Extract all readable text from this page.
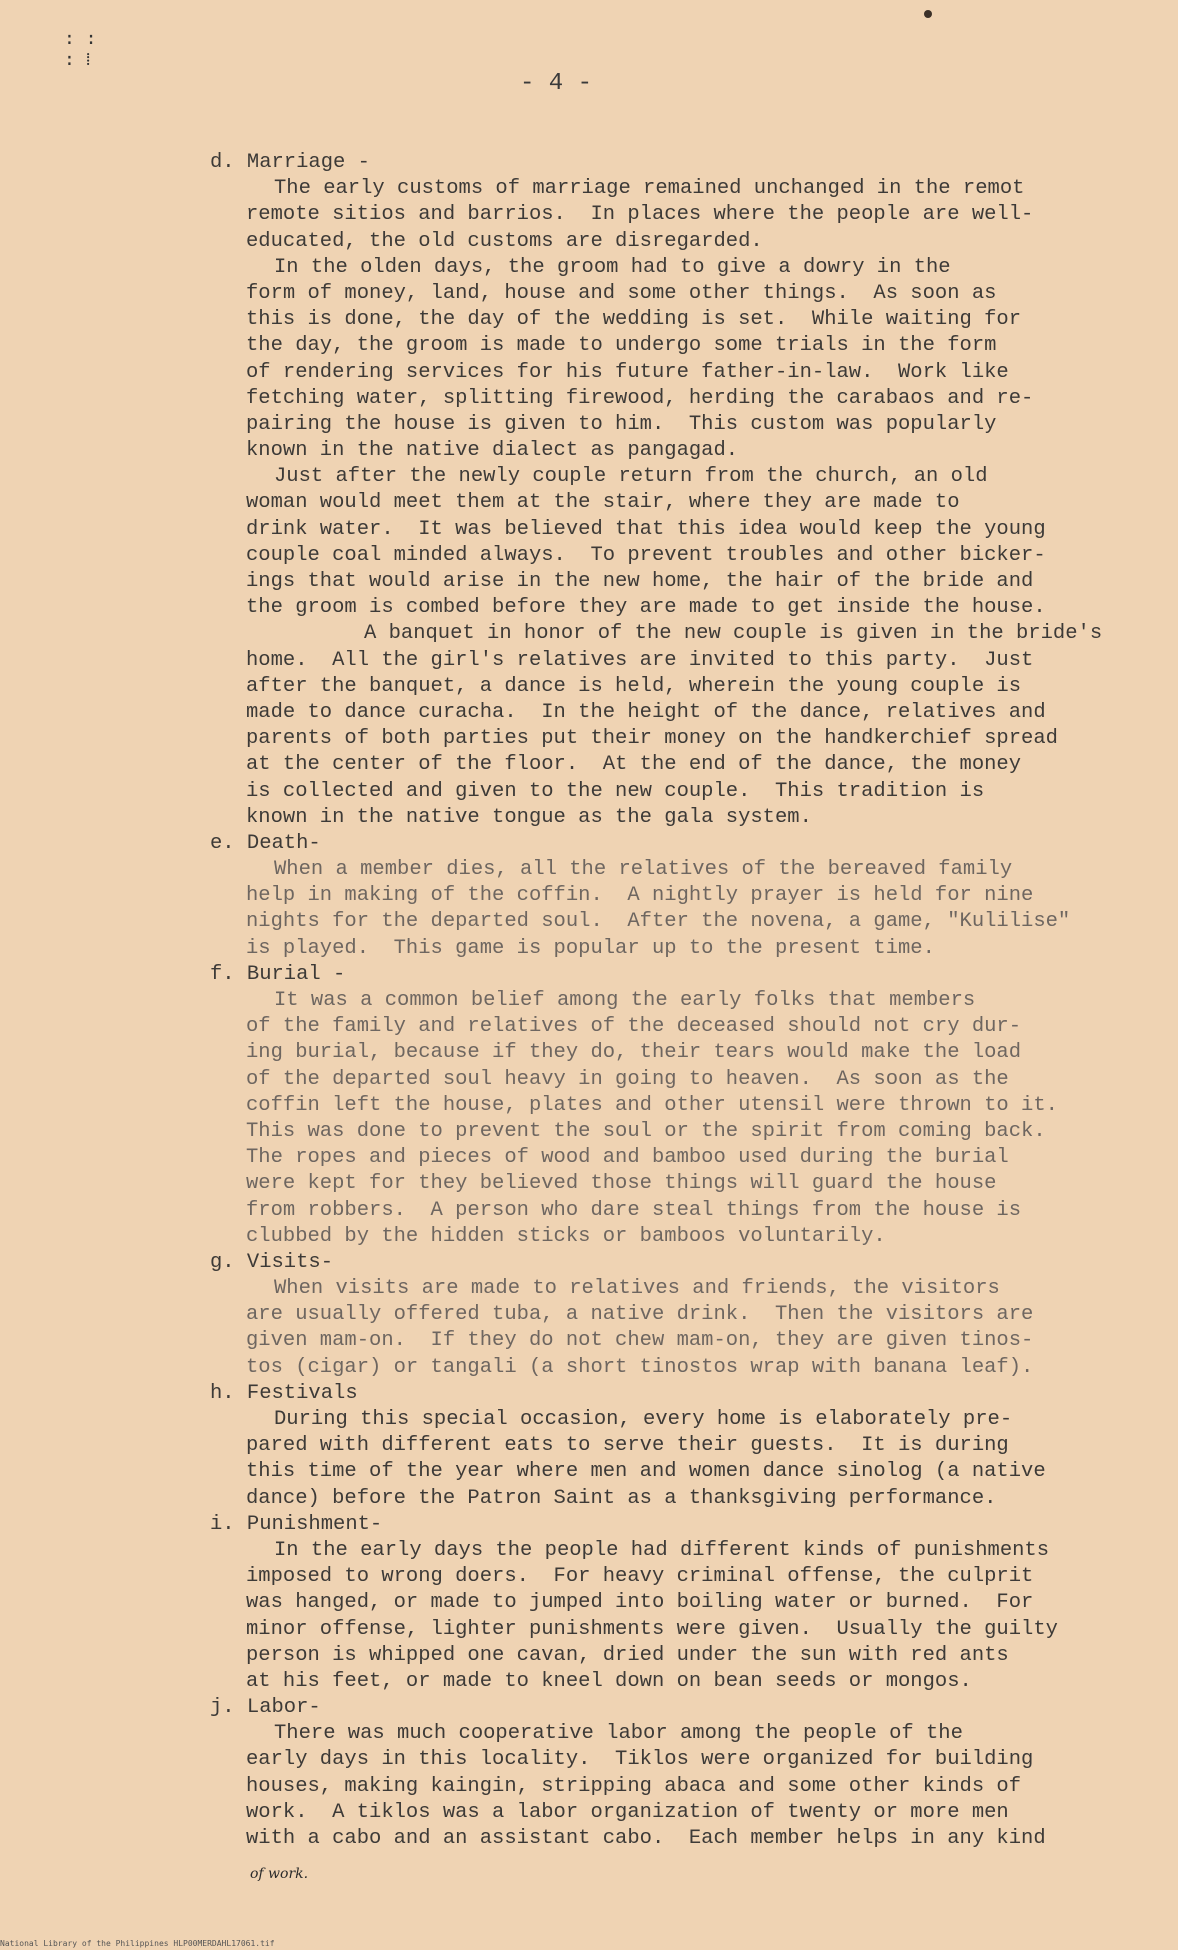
: :
: ⁞
- 4 -
d. Marriage -
The early customs of marriage remained unchanged in the remot
remote sitios and barrios.  In places where the people are well-
educated, the old customs are disregarded.
In the olden days, the groom had to give a dowry in the
form of money, land, house and some other things.  As soon as
this is done, the day of the wedding is set.  While waiting for
the day, the groom is made to undergo some trials in the form
of rendering services for his future father-in-law.  Work like
fetching water, splitting firewood, herding the carabaos and re-
pairing the house is given to him.  This custom was popularly
known in the native dialect as pangagad.
Just after the newly couple return from the church, an old
woman would meet them at the stair, where they are made to
drink water.  It was believed that this idea would keep the young
couple coal minded always.  To prevent troubles and other bicker-
ings that would arise in the new home, the hair of the bride and
the groom is combed before they are made to get inside the house.
A banquet in honor of the new couple is given in the bride's
home.  All the girl's relatives are invited to this party.  Just
after the banquet, a dance is held, wherein the young couple is
made to dance curacha.  In the height of the dance, relatives and
parents of both parties put their money on the handkerchief spread
at the center of the floor.  At the end of the dance, the money
is collected and given to the new couple.  This tradition is
known in the native tongue as the gala system.
e. Death-
When a member dies, all the relatives of the bereaved family
help in making of the coffin.  A nightly prayer is held for nine
nights for the departed soul.  After the novena, a game, "Kulilise"
is played.  This game is popular up to the present time.
f. Burial -
It was a common belief among the early folks that members
of the family and relatives of the deceased should not cry dur-
ing burial, because if they do, their tears would make the load
of the departed soul heavy in going to heaven.  As soon as the
coffin left the house, plates and other utensil were thrown to it.
This was done to prevent the soul or the spirit from coming back.
The ropes and pieces of wood and bamboo used during the burial
were kept for they believed those things will guard the house
from robbers.  A person who dare steal things from the house is
clubbed by the hidden sticks or bamboos voluntarily.
g. Visits-
When visits are made to relatives and friends, the visitors
are usually offered tuba, a native drink.  Then the visitors are
given mam-on.  If they do not chew mam-on, they are given tinos-
tos (cigar) or tangali (a short tinostos wrap with banana leaf).
h. Festivals
During this special occasion, every home is elaborately pre-
pared with different eats to serve their guests.  It is during
this time of the year where men and women dance sinolog (a native
dance) before the Patron Saint as a thanksgiving performance.
i. Punishment-
In the early days the people had different kinds of punishments
imposed to wrong doers.  For heavy criminal offense, the culprit
was hanged, or made to jumped into boiling water or burned.  For
minor offense, lighter punishments were given.  Usually the guilty
person is whipped one cavan, dried under the sun with red ants
at his feet, or made to kneel down on bean seeds or mongos.
j. Labor-
There was much cooperative labor among the people of the
early days in this locality.  Tiklos were organized for building
houses, making kaingin, stripping abaca and some other kinds of
work.  A tiklos was a labor organization of twenty or more men
with a cabo and an assistant cabo.  Each member helps in any kind
of work.
National Library of the Philippines HLP00MERDAHL17061.tif
